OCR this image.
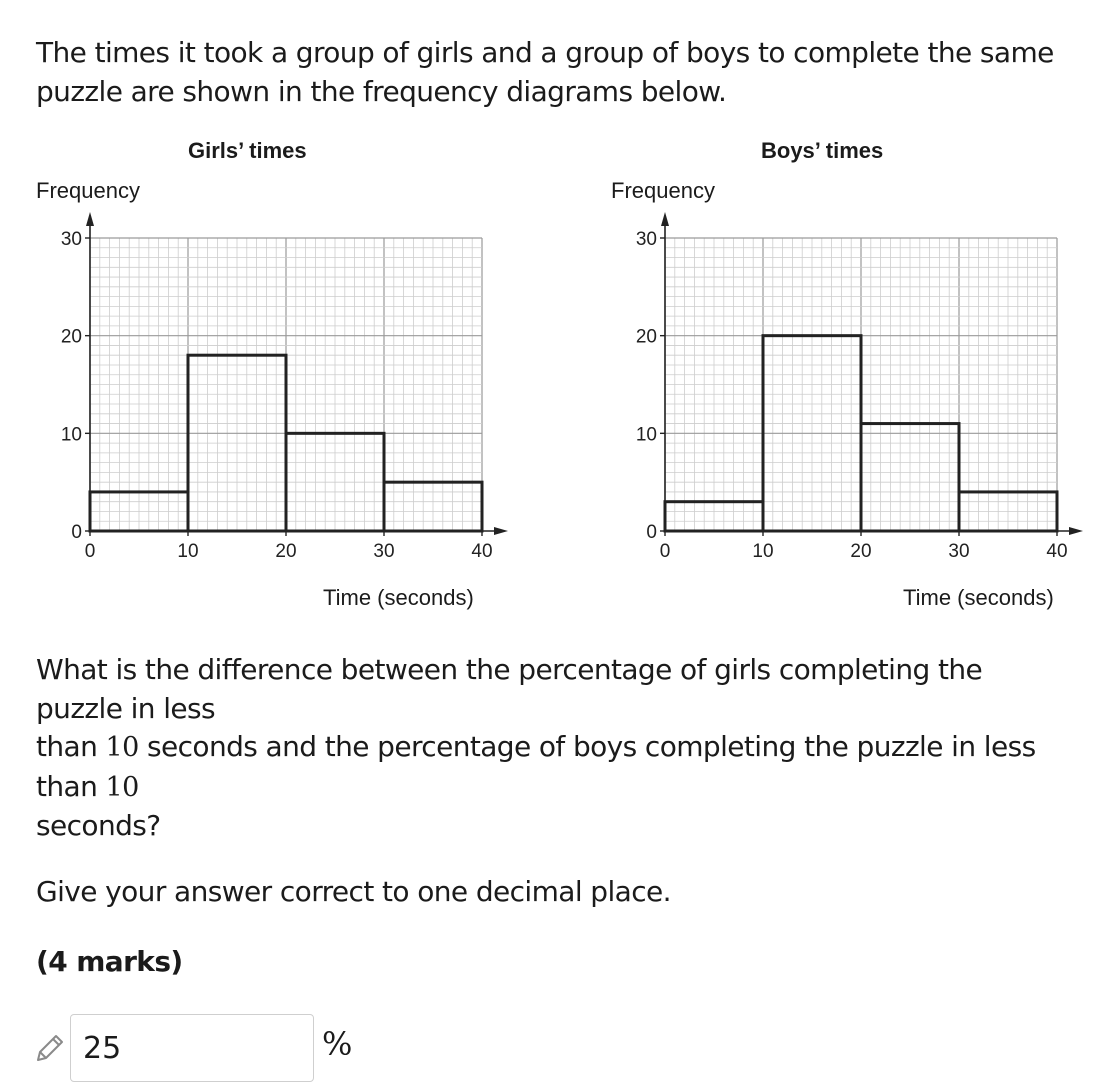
The times it took a group of girls and a group of boys to complete the same
puzzle are shown in the frequency diagrams below.
0
10
20
30
0	10	20	30	40
Girls’ times
Frequency
Time (seconds)
0
10
20
30
0	10	20	30	40
Boys’ times
Frequency
Time (seconds)
What is the difference between the percentage of girls completing the
puzzle in less
than 10 seconds and the percentage of boys completing the puzzle in less
than 10
seconds?
Give your answer correct to one decimal place.
(4 marks)
25
%
